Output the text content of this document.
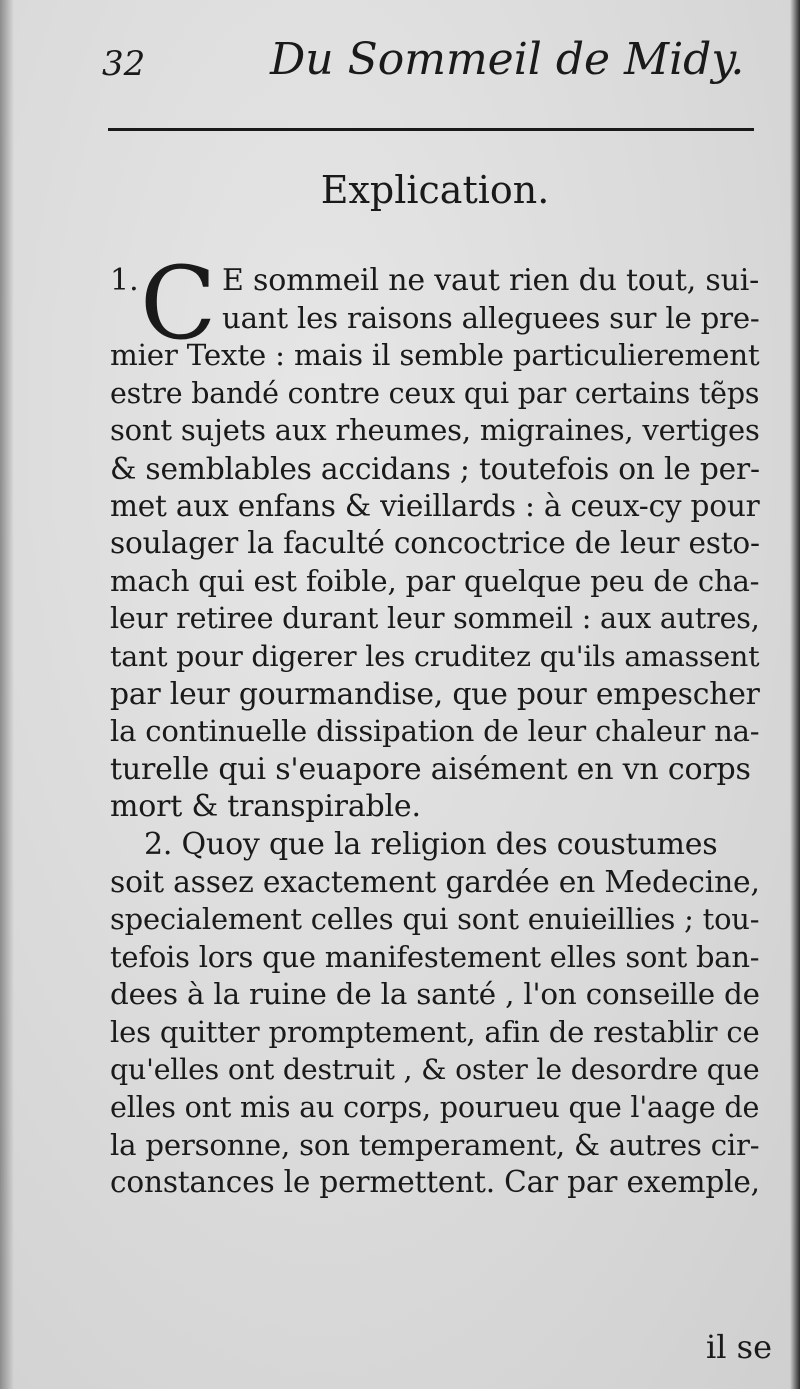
32	Du Sommeil de Midy.
Explication.
1. C E sommeil ne vaut rien du tout, sui-
uant les raisons alleguees sur le pre-
mier Texte : mais il semble particulierement
estre bandé contre ceux qui par certains tẽps
sont sujets aux rheumes, migraines, vertiges
& semblables accidans ; toutefois on le per-
met aux enfans & vieillards : à ceux-cy pour
soulager la faculté concoctrice de leur esto-
mach qui est foible, par quelque peu de cha-
leur retiree durant leur sommeil : aux autres,
tant pour digerer les cruditez qu'ils amassent
par leur gourmandise, que pour empescher
la continuelle dissipation de leur chaleur na-
turelle qui s'euapore aisément en vn corps
mort & transpirable.
2. Quoy que la religion des coustumes
soit assez exactement gardée en Medecine,
specialement celles qui sont enuieillies ; tou-
tefois lors que manifestement elles sont ban-
dees à la ruine de la santé , l'on conseille de
les quitter promptement, afin de restablir ce
qu'elles ont destruit , & oster le desordre que
elles ont mis au corps, pourueu que l'aage de
la personne, son temperament, & autres cir-
constances le permettent. Car par exemple,
il se
